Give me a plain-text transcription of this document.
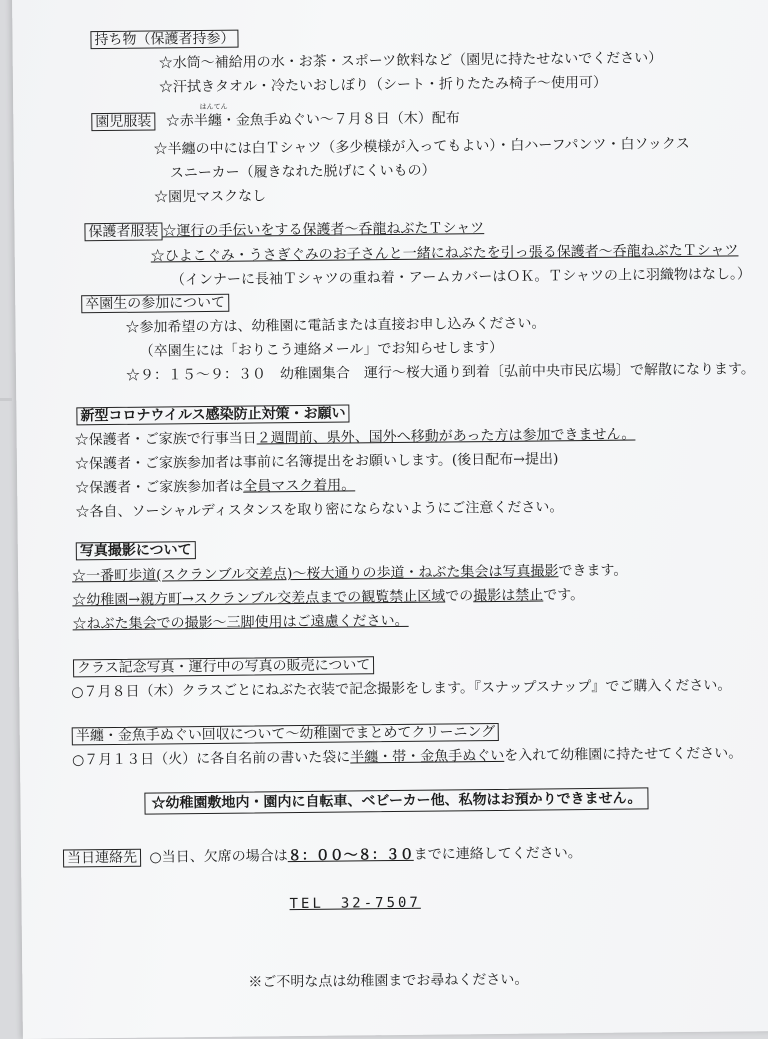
持ち物（保護者持参）
☆水筒～補給用の水・お茶・スポーツ飲料など（園児に持たせないでください）
☆汗拭きタオル・冷たいおしぼり（シート・折りたたみ椅子～使用可）
園児服装 ☆赤
はんてん
半纏・金魚手ぬぐい～７月８日（木）配布
☆半纏の中には白Ｔシャツ（多少模様が入ってもよい）・白ハーフパンツ・白ソックス
スニーカー（履きなれた脱げにくいもの）
☆園児マスクなし
保護者服装 ☆運行の手伝いをする保護者～呑龍ねぶたＴシャツ
☆ひよこぐみ・うさぎぐみのお子さんと一緒にねぶたを引っ張る保護者～呑龍ねぶたＴシャツ
（インナーに長袖Ｔシャツの重ね着・アームカバーはＯＫ。Ｔシャツの上に羽織物はなし。）
卒園生の参加について
☆参加希望の方は、幼稚園に電話または直接お申し込みください。
（卒園生には「おりこう連絡メール」でお知らせします）
☆９：１５～９：３０　幼稚園集合　運行～桜大通り到着〔弘前中央市民広場〕で解散になります。
新型コロナウイルス感染防止対策・お願い
☆保護者・ご家族で行事当日２週間前、県外、国外へ移動があった方は参加できません。
☆保護者・ご家族参加者は事前に名簿提出をお願いします。(後日配布→提出)
☆保護者・ご家族参加者は全員マスク着用。
☆各自、ソーシャルディスタンスを取り密にならないようにご注意ください。
写真撮影について
☆一番町歩道(スクランブル交差点)～桜大通りの歩道・ねぶた集会は写真撮影できます。
☆幼稚園→親方町→スクランブル交差点までの観覧禁止区域での撮影は禁止です。
☆ねぶた集会での撮影～三脚使用はご遠慮ください。
クラス記念写真・運行中の写真の販売について
○７月８日（木）クラスごとにねぶた衣装で記念撮影をします。『スナップスナップ』でご購入ください。
半纏・金魚手ぬぐい回収について～幼稚園でまとめてクリーニング
○７月１３日（火）に各自名前の書いた袋に半纏・帯・金魚手ぬぐいを入れて幼稚園に持たせてください。
☆幼稚園敷地内・園内に自転車、ベビーカー他、私物はお預かりできません。
当日連絡先 ○当日、欠席の場合は８：００～８：３０までに連絡してください。
TEL　32-7507
※ご不明な点は幼稚園までお尋ねください。
